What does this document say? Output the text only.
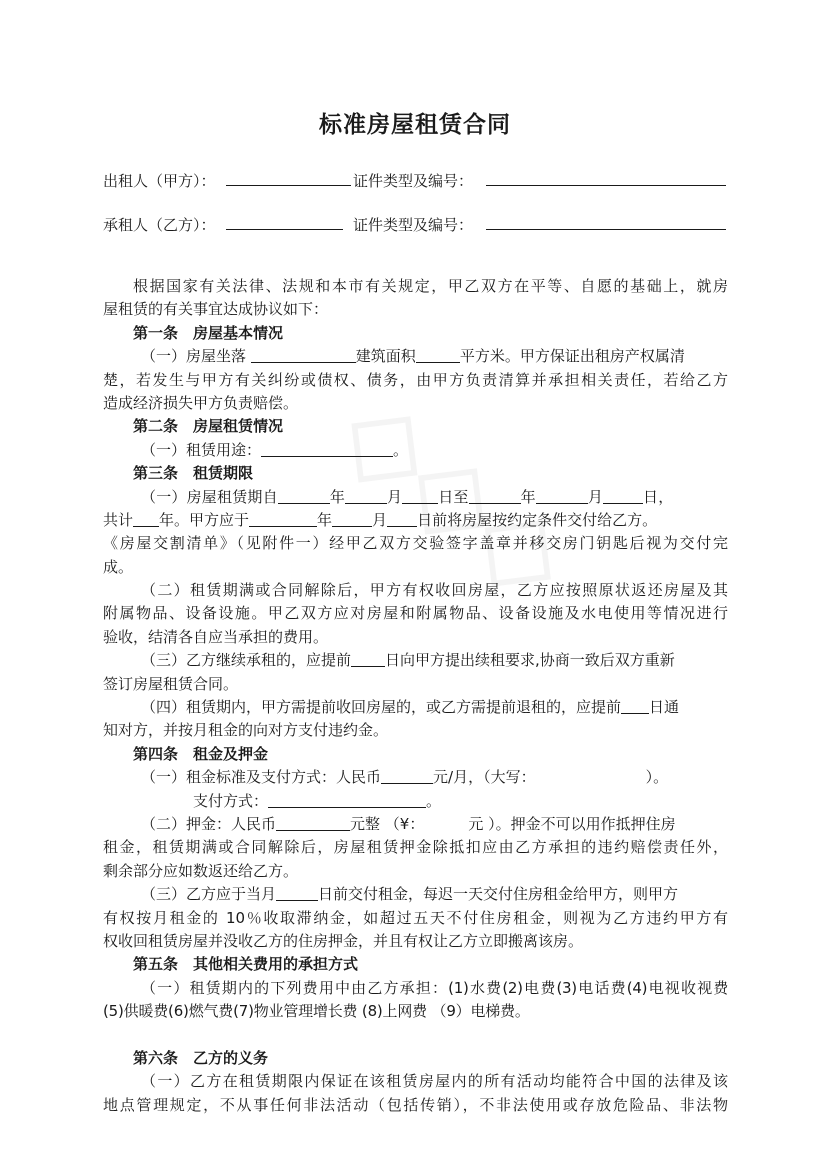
标准房屋租赁合同
出租人（甲方）：	证件类型及编号：
承租人（乙方）：	证件类型及编号：
根据国家有关法律、法规和本市有关规定，甲乙双方在平等、自愿的基础上，就房
屋租赁的有关事宜达成协议如下：
第一条　房屋基本情况
（一）房屋坐落	建筑面积	平方米。甲方保证出租房产权属清
楚，若发生与甲方有关纠纷或债权、债务，由甲方负责清算并承担相关责任，若给乙方
造成经济损失甲方负责赔偿。
第二条　房屋租赁情况
（一）租赁用途：	。
第三条　租赁期限
（一）房屋租赁期自	年	月 日至	年	月	日，
共计 年。甲方应于	年	月 日前将房屋按约定条件交付给乙方。
《房屋交割清单》（见附件一）经甲乙双方交验签字盖章并移交房门钥匙后视为交付完
成。
（二）租赁期满或合同解除后，甲方有权收回房屋，乙方应按照原状返还房屋及其
附属物品、设备设施。甲乙双方应对房屋和附属物品、设备设施及水电使用等情况进行
验收，结清各自应当承担的费用。
（三）乙方继续承租的，应提前 日向甲方提出续租要求,协商一致后双方重新
签订房屋租赁合同。
（四）租赁期内，甲方需提前收回房屋的，或乙方需提前退租的，应提前 日通
知对方，并按月租金的向对方支付违约金。
第四条　租金及押金
（一）租金标准及支付方式：人民币	元/月，（大写：	）。
支付方式：	。
（二）押金：人民币	元整 （¥：	元 ）。押金不可以用作抵押住房
租金，租赁期满或合同解除后，房屋租赁押金除抵扣应由乙方承担的违约赔偿责任外，
剩余部分应如数返还给乙方。
（三）乙方应于当月	日前交付租金，每迟一天交付住房租金给甲方，则甲方
有权按月租金的 10％收取滞纳金，如超过五天不付住房租金，则视为乙方违约甲方有
权收回租赁房屋并没收乙方的住房押金，并且有权让乙方立即搬离该房。
第五条　其他相关费用的承担方式
（一）租赁期内的下列费用中由乙方承担：(1)水费(2)电费(3)电话费(4)电视收视费
(5)供暖费(6)燃气费(7)物业管理增长费 (8)上网费 （9）电梯费。
第六条　乙方的义务
（一）乙方在租赁期限内保证在该租赁房屋内的所有活动均能符合中国的法律及该
地点管理规定，不从事任何非法活动（包括传销），不非法使用或存放危险品、非法物
